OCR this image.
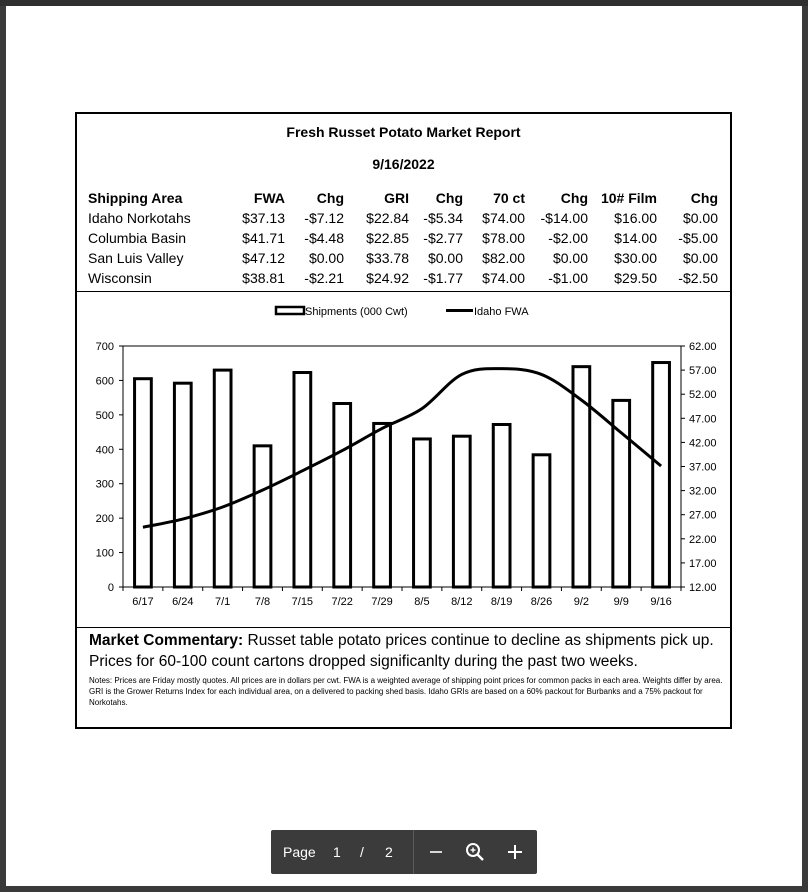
Fresh Russet Potato Market Report
9/16/2022
Shipping Area	FWA	Chg	GRI	Chg	70 ct	Chg	10# Film	Chg
Idaho Norkotahs	$37.13	-$7.12	$22.84	-$5.34	$74.00	-$14.00	$16.00	$0.00
Columbia Basin	$41.71	-$4.48	$22.85	-$2.77	$78.00	-$2.00	$14.00	-$5.00
San Luis Valley	$47.12	$0.00	$33.78	$0.00	$82.00	$0.00	$30.00	$0.00
Wisconsin	$38.81	-$2.21	$24.92	-$1.77	$74.00	-$1.00	$29.50	-$2.50
0
100
200
300
400
500
600
700
12.00
17.00
22.00
27.00
32.00
37.00
42.00
47.00
52.00
57.00
62.00
6/17 6/24 7/1 7/8 7/15 7/22 7/29 8/5 8/12 8/19 8/26 9/2 9/9 9/16
Shipments (000 Cwt)	Idaho FWA
Market Commentary: Russet table potato prices continue to decline as shipments pick up. Prices for 60-100 count cartons dropped significanlty during the past two weeks.
Notes: Prices are Friday mostly quotes. All prices are in dollars per cwt. FWA is a weighted average of shipping point prices for common packs in each area. Weights differ by area. GRI is the Grower Returns Index for each individual area, on a delivered to packing shed basis. Idaho GRIs are based on a 60% packout for Burbanks and a 75% packout for Norkotahs.
Page 1 / 2
